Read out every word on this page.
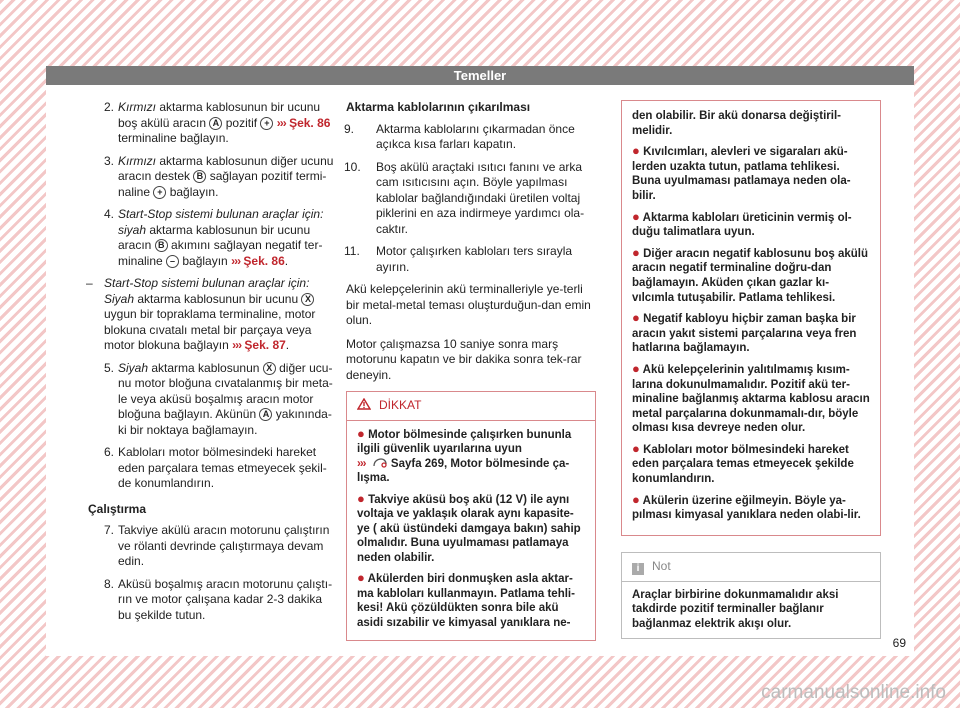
Temeller
2. Kırmızı aktarma kablosunun bir ucunu boş akülü aracın A pozitif + ››› Şek. 86 terminaline bağlayın.
3. Kırmızı aktarma kablosunun diğer ucunu aracın destek B sağlayan pozitif termi-naline + bağlayın.
4. Start-Stop sistemi bulunan araçlar için: siyah aktarma kablosunun bir ucunu aracın B akımını sağlayan negatif ter-minaline – bağlayın ››› Şek. 86.
– Start-Stop sistemi bulunan araçlar için: Siyah aktarma kablosunun bir ucunu X uygun bir topraklama terminaline, motor blokuna cıvatalı metal bir parçaya veya motor blokuna bağlayın ››› Şek. 87.
5. Siyah aktarma kablosunun X diğer ucu-nu motor bloğuna cıvatalanmış bir meta-le veya aküsü boşalmış aracın motor bloğuna bağlayın. Akünün A yakınında-ki bir noktaya bağlamayın.
6. Kabloları motor bölmesindeki hareket eden parçalara temas etmeyecek şekil-de konumlandırın.
Çalıştırma
7. Takviye akülü aracın motorunu çalıştırın ve rölanti devrinde çalıştırmaya devam edin.
8. Aküsü boşalmış aracın motorunu çalıştı-rın ve motor çalışana kadar 2-3 dakika bu şekilde tutun.
Aktarma kablolarının çıkarılması
9.	Aktarma kablolarını çıkarmadan önce açıkca kısa farları kapatın.
10.	Boş akülü araçtaki ısıtıcı fanını ve arka cam ısıtıcısını açın. Böyle yapılması kablolar bağlandığındaki üretilen voltaj piklerini en aza indirmeye yardımcı ola-caktır.
11.	Motor çalışırken kabloları ters sırayla ayırın.
Akü kelepçelerinin akü terminalleriyle ye-terli bir metal-metal teması oluşturduğun-dan emin olun.
Motor çalışmazsa 10 saniye sonra marş motorunu kapatın ve bir dakika sonra tek-rar deneyin.
DİKKAT
● Motor bölmesinde çalışırken bununla ilgili güvenlik uyarılarına uyun
›››  Sayfa 269, Motor bölmesinde ça-lışma.
● Takviye aküsü boş akü (12 V) ile aynı voltaja ve yaklaşık olarak aynı kapasite-ye ( akü üstündeki damgaya bakın) sahip olmalıdır. Buna uyulmaması patlamaya neden olabilir.
● Akülerden biri donmuşken asla aktar-ma kabloları kullanmayın. Patlama tehli-kesi! Akü çözüldükten sonra bile akü asidi sızabilir ve kimyasal yanıklara ne-
den olabilir. Bir akü donarsa değiştiril-melidir.
● Kıvılcımları, alevleri ve sigaraları akü-lerden uzakta tutun, patlama tehlikesi. Buna uyulmaması patlamaya neden ola-bilir.
● Aktarma kabloları üreticinin vermiş ol-duğu talimatlara uyun.
● Diğer aracın negatif kablosunu boş akülü aracın negatif terminaline doğru-dan bağlamayın. Aküden çıkan gazlar kı-vılcımla tutuşabilir. Patlama tehlikesi.
● Negatif kabloyu hiçbir zaman başka bir aracın yakıt sistemi parçalarına veya fren hatlarına bağlamayın.
● Akü kelepçelerinin yalıtılmamış kısım-larına dokunulmamalıdır. Pozitif akü ter-minaline bağlanmış aktarma kablosu aracın metal parçalarına dokunmamalı-dır, böyle olması kısa devreye neden olur.
● Kabloları motor bölmesindeki hareket eden parçalara temas etmeyecek şekilde konumlandırın.
● Akülerin üzerine eğilmeyin. Böyle ya-pılması kimyasal yanıklara neden olabi-lir.
i Not
Araçlar birbirine dokunmamalıdır aksi takdirde pozitif terminaller bağlanır bağlanmaz elektrik akışı olur.
69
carmanualsonline.info
